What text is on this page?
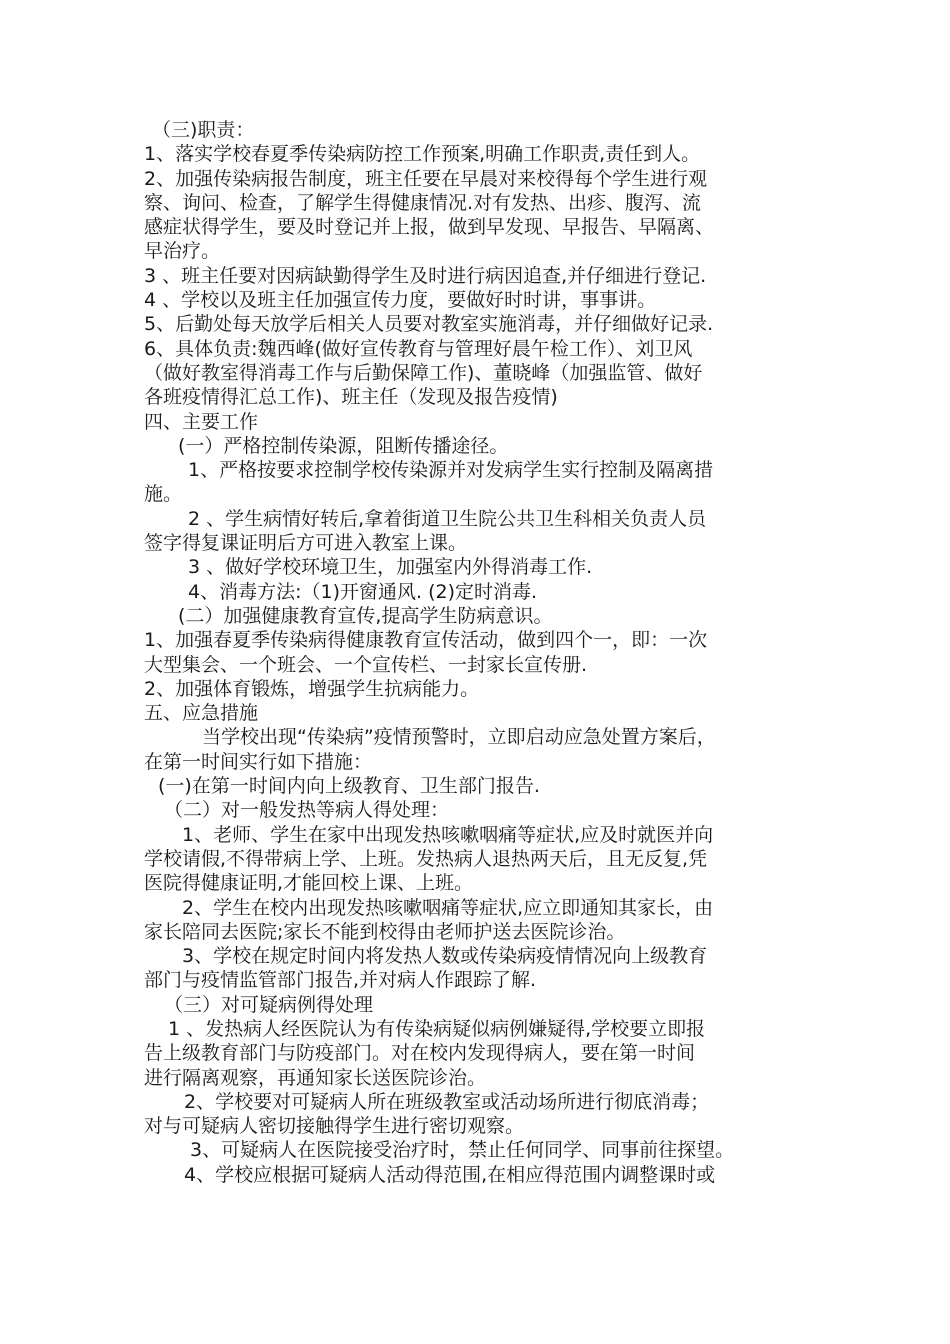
（三)职责：
1、落实学校春夏季传染病防控工作预案,明确工作职责,责任到人。
2、加强传染病报告制度，班主任要在早晨对来校得每个学生进行观
察、询问、检查，了解学生得健康情况.对有发热、出疹、腹泻、流
感症状得学生，要及时登记并上报，做到早发现、早报告、早隔离、
早治疗。
3 、班主任要对因病缺勤得学生及时进行病因追查,并仔细进行登记.
4 、学校以及班主任加强宣传力度，要做好时时讲，事事讲。
5、后勤处每天放学后相关人员要对教室实施消毒，并仔细做好记录.
6、具体负责:魏西峰(做好宣传教育与管理好晨午检工作）、刘卫风
（做好教室得消毒工作与后勤保障工作)、董晓峰（加强监管、做好
各班疫情得汇总工作)、班主任（发现及报告疫情)
四、主要工作
(一）严格控制传染源，阻断传播途径。
1、严格按要求控制学校传染源并对发病学生实行控制及隔离措
施。
2 、学生病情好转后,拿着街道卫生院公共卫生科相关负责人员
签字得复课证明后方可进入教室上课。
3 、做好学校环境卫生，加强室内外得消毒工作.
4、消毒方法:（1)开窗通风. (2)定时消毒.
(二）加强健康教育宣传,提高学生防病意识。
1、加强春夏季传染病得健康教育宣传活动，做到四个一，即：一次
大型集会、一个班会、一个宣传栏、一封家长宣传册.
2、加强体育锻炼，增强学生抗病能力。
五、应急措施
当学校出现“传染病”疫情预警时，立即启动应急处置方案后，
在第一时间实行如下措施：
(一)在第一时间内向上级教育、卫生部门报告.
（二）对一般发热等病人得处理：
1、老师、学生在家中出现发热咳嗽咽痛等症状,应及时就医并向
学校请假,不得带病上学、上班。发热病人退热两天后，且无反复,凭
医院得健康证明,才能回校上课、上班。
2、学生在校内出现发热咳嗽咽痛等症状,应立即通知其家长，由
家长陪同去医院;家长不能到校得由老师护送去医院诊治。
3、学校在规定时间内将发热人数或传染病疫情情况向上级教育
部门与疫情监管部门报告,并对病人作跟踪了解.
（三）对可疑病例得处理
1 、发热病人经医院认为有传染病疑似病例嫌疑得,学校要立即报
告上级教育部门与防疫部门。对在校内发现得病人，要在第一时间
进行隔离观察，再通知家长送医院诊治。
2、学校要对可疑病人所在班级教室或活动场所进行彻底消毒；
对与可疑病人密切接触得学生进行密切观察。
3、可疑病人在医院接受治疗时，禁止任何同学、同事前往探望。
4、学校应根据可疑病人活动得范围,在相应得范围内调整课时或
